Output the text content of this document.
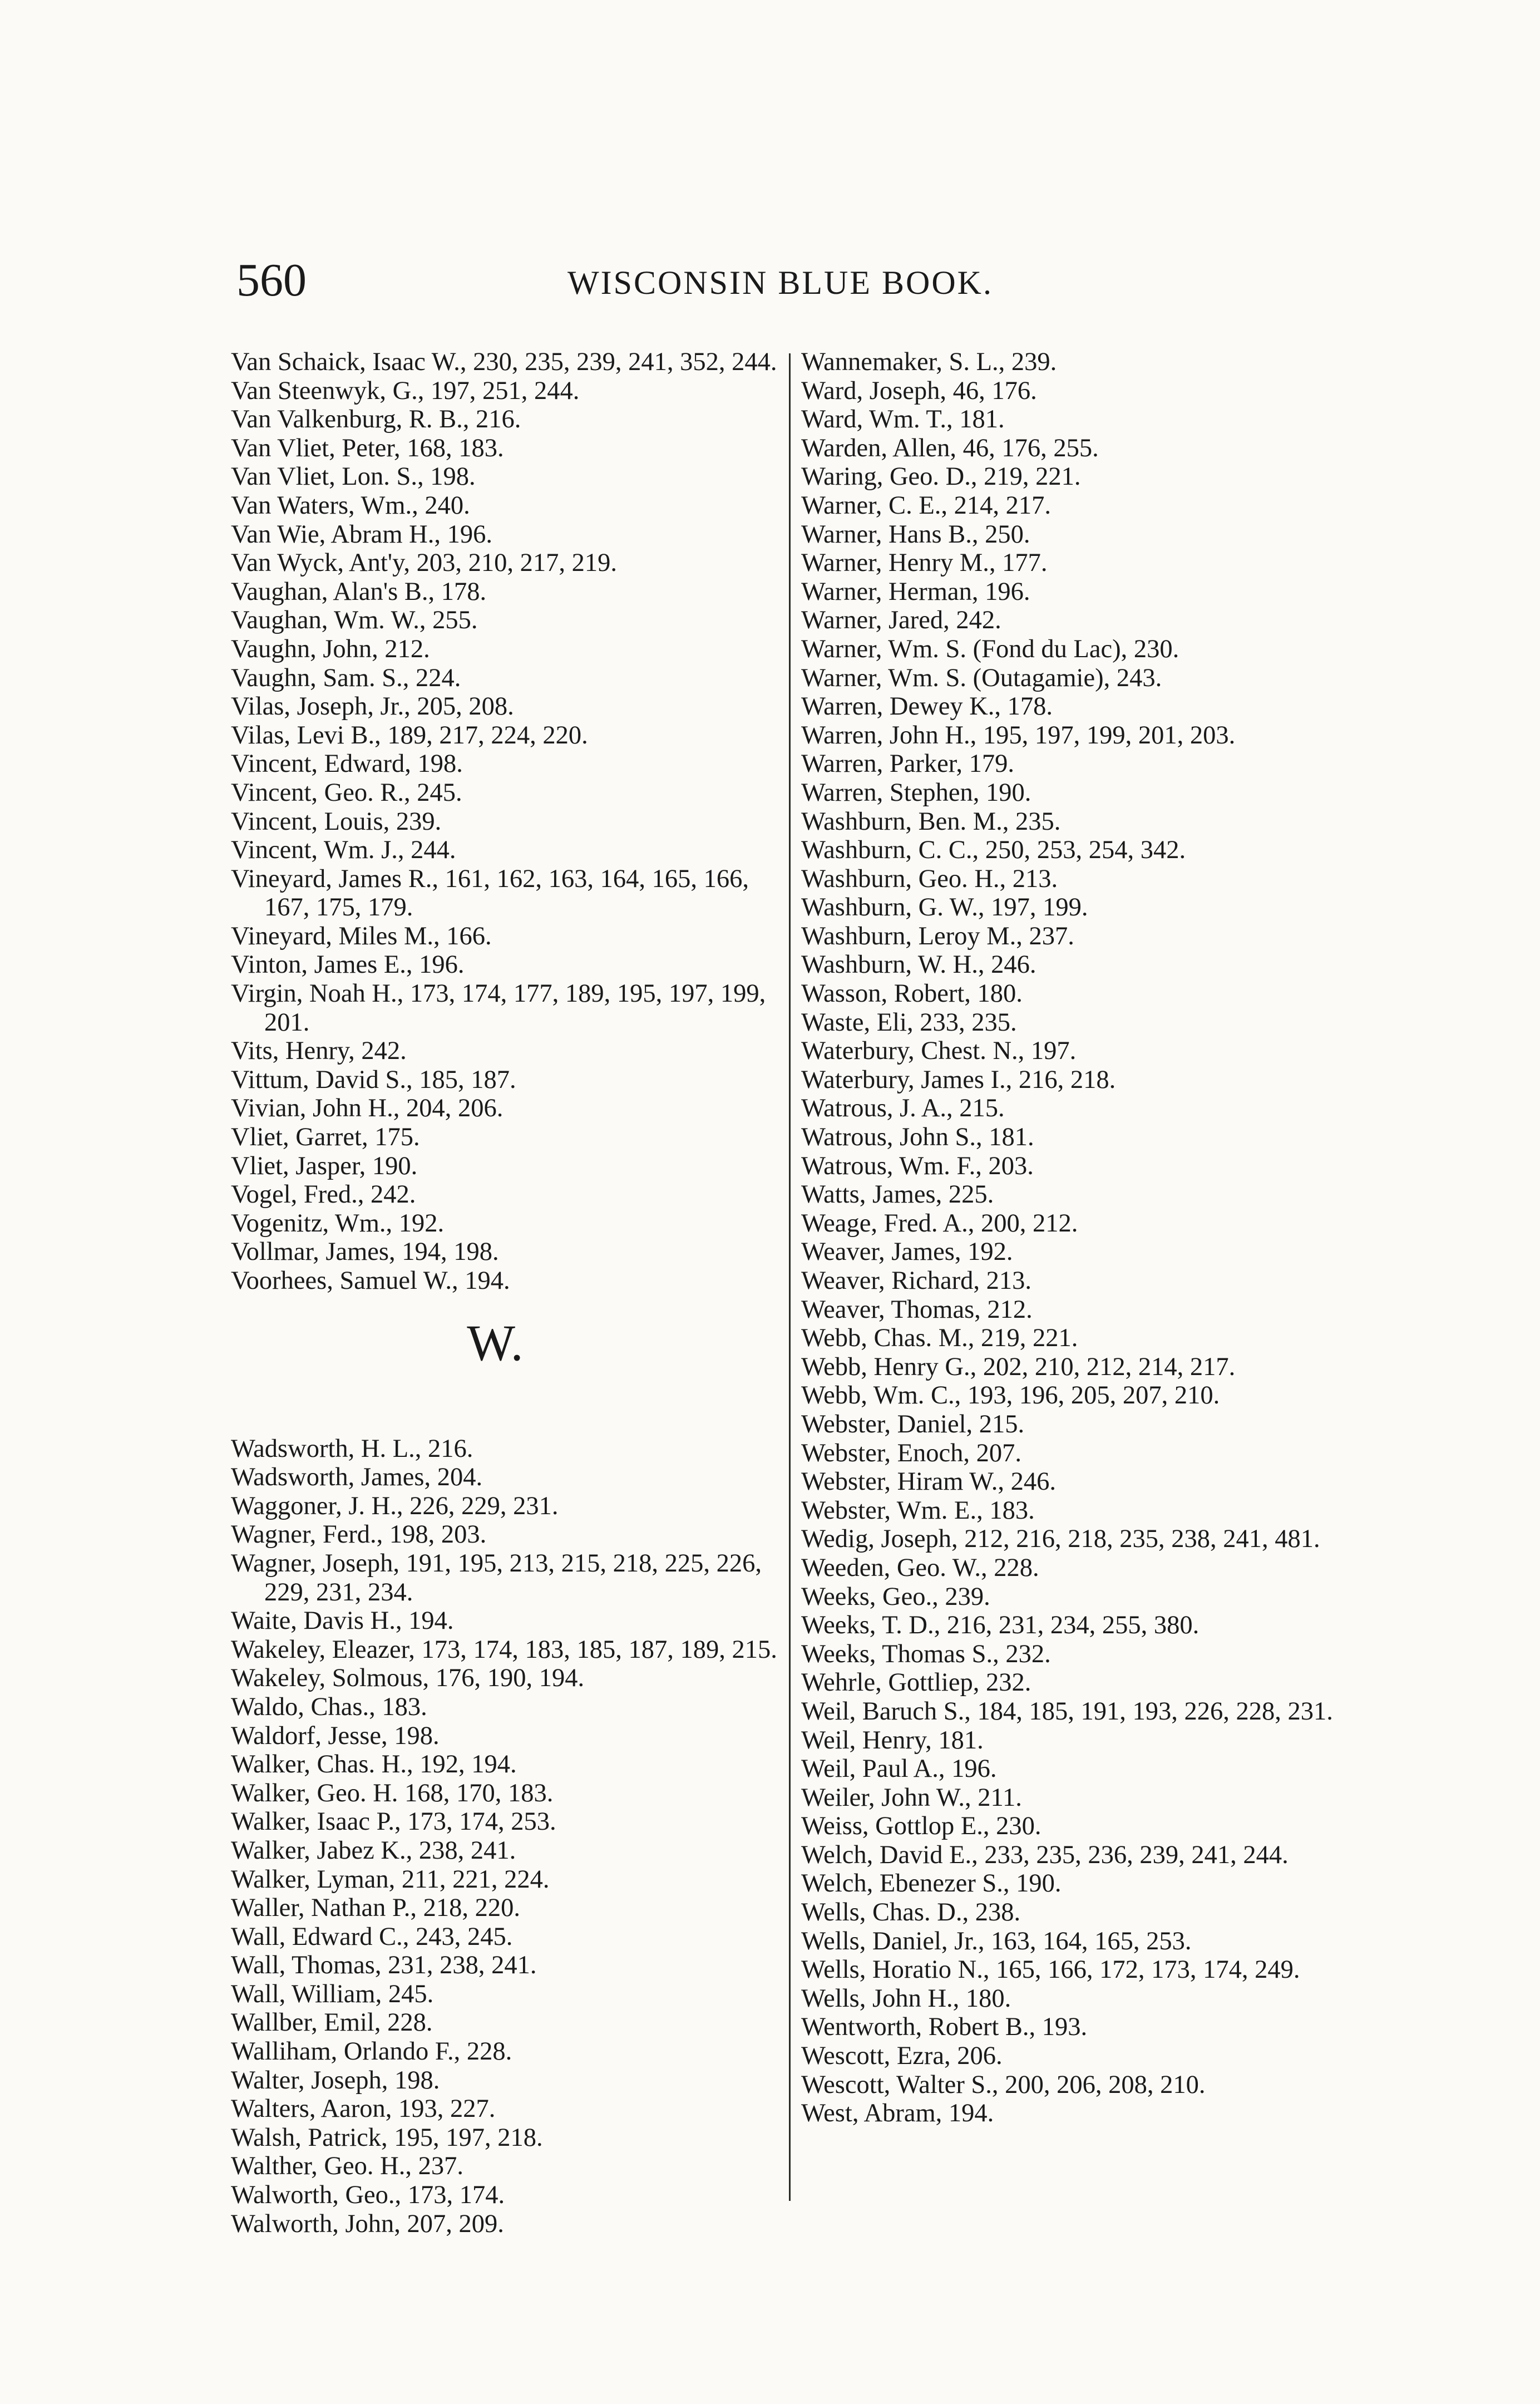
560	WISCONSIN BLUE BOOK.
Van Schaick, Isaac W., 230, 235, 239, 241, 352, 244.
Van Steenwyk, G., 197, 251, 244.
Van Valkenburg, R. B., 216.
Van Vliet, Peter, 168, 183.
Van Vliet, Lon. S., 198.
Van Waters, Wm., 240.
Van Wie, Abram H., 196.
Van Wyck, Ant'y, 203, 210, 217, 219.
Vaughan, Alan's B., 178.
Vaughan, Wm. W., 255.
Vaughn, John, 212.
Vaughn, Sam. S., 224.
Vilas, Joseph, Jr., 205, 208.
Vilas, Levi B., 189, 217, 224, 220.
Vincent, Edward, 198.
Vincent, Geo. R., 245.
Vincent, Louis, 239.
Vincent, Wm. J., 244.
Vineyard, James R., 161, 162, 163, 164, 165, 166, 167, 175, 179.
Vineyard, Miles M., 166.
Vinton, James E., 196.
Virgin, Noah H., 173, 174, 177, 189, 195, 197, 199, 201.
Vits, Henry, 242.
Vittum, David S., 185, 187.
Vivian, John H., 204, 206.
Vliet, Garret, 175.
Vliet, Jasper, 190.
Vogel, Fred., 242.
Vogenitz, Wm., 192.
Vollmar, James, 194, 198.
Voorhees, Samuel W., 194.
W.
Wadsworth, H. L., 216.
Wadsworth, James, 204.
Waggoner, J. H., 226, 229, 231.
Wagner, Ferd., 198, 203.
Wagner, Joseph, 191, 195, 213, 215, 218, 225, 226, 229, 231, 234.
Waite, Davis H., 194.
Wakeley, Eleazer, 173, 174, 183, 185, 187, 189, 215.
Wakeley, Solmous, 176, 190, 194.
Waldo, Chas., 183.
Waldorf, Jesse, 198.
Walker, Chas. H., 192, 194.
Walker, Geo. H. 168, 170, 183.
Walker, Isaac P., 173, 174, 253.
Walker, Jabez K., 238, 241.
Walker, Lyman, 211, 221, 224.
Waller, Nathan P., 218, 220.
Wall, Edward C., 243, 245.
Wall, Thomas, 231, 238, 241.
Wall, William, 245.
Wallber, Emil, 228.
Walliham, Orlando F., 228.
Walter, Joseph, 198.
Walters, Aaron, 193, 227.
Walsh, Patrick, 195, 197, 218.
Walther, Geo. H., 237.
Walworth, Geo., 173, 174.
Walworth, John, 207, 209.
Wannemaker, S. L., 239.
Ward, Joseph, 46, 176.
Ward, Wm. T., 181.
Warden, Allen, 46, 176, 255.
Waring, Geo. D., 219, 221.
Warner, C. E., 214, 217.
Warner, Hans B., 250.
Warner, Henry M., 177.
Warner, Herman, 196.
Warner, Jared, 242.
Warner, Wm. S. (Fond du Lac), 230.
Warner, Wm. S. (Outagamie), 243.
Warren, Dewey K., 178.
Warren, John H., 195, 197, 199, 201, 203.
Warren, Parker, 179.
Warren, Stephen, 190.
Washburn, Ben. M., 235.
Washburn, C. C., 250, 253, 254, 342.
Washburn, Geo. H., 213.
Washburn, G. W., 197, 199.
Washburn, Leroy M., 237.
Washburn, W. H., 246.
Wasson, Robert, 180.
Waste, Eli, 233, 235.
Waterbury, Chest. N., 197.
Waterbury, James I., 216, 218.
Watrous, J. A., 215.
Watrous, John S., 181.
Watrous, Wm. F., 203.
Watts, James, 225.
Weage, Fred. A., 200, 212.
Weaver, James, 192.
Weaver, Richard, 213.
Weaver, Thomas, 212.
Webb, Chas. M., 219, 221.
Webb, Henry G., 202, 210, 212, 214, 217.
Webb, Wm. C., 193, 196, 205, 207, 210.
Webster, Daniel, 215.
Webster, Enoch, 207.
Webster, Hiram W., 246.
Webster, Wm. E., 183.
Wedig, Joseph, 212, 216, 218, 235, 238, 241, 481.
Weeden, Geo. W., 228.
Weeks, Geo., 239.
Weeks, T. D., 216, 231, 234, 255, 380.
Weeks, Thomas S., 232.
Wehrle, Gottliep, 232.
Weil, Baruch S., 184, 185, 191, 193, 226, 228, 231.
Weil, Henry, 181.
Weil, Paul A., 196.
Weiler, John W., 211.
Weiss, Gottlop E., 230.
Welch, David E., 233, 235, 236, 239, 241, 244.
Welch, Ebenezer S., 190.
Wells, Chas. D., 238.
Wells, Daniel, Jr., 163, 164, 165, 253.
Wells, Horatio N., 165, 166, 172, 173, 174, 249.
Wells, John H., 180.
Wentworth, Robert B., 193.
Wescott, Ezra, 206.
Wescott, Walter S., 200, 206, 208, 210.
West, Abram, 194.
